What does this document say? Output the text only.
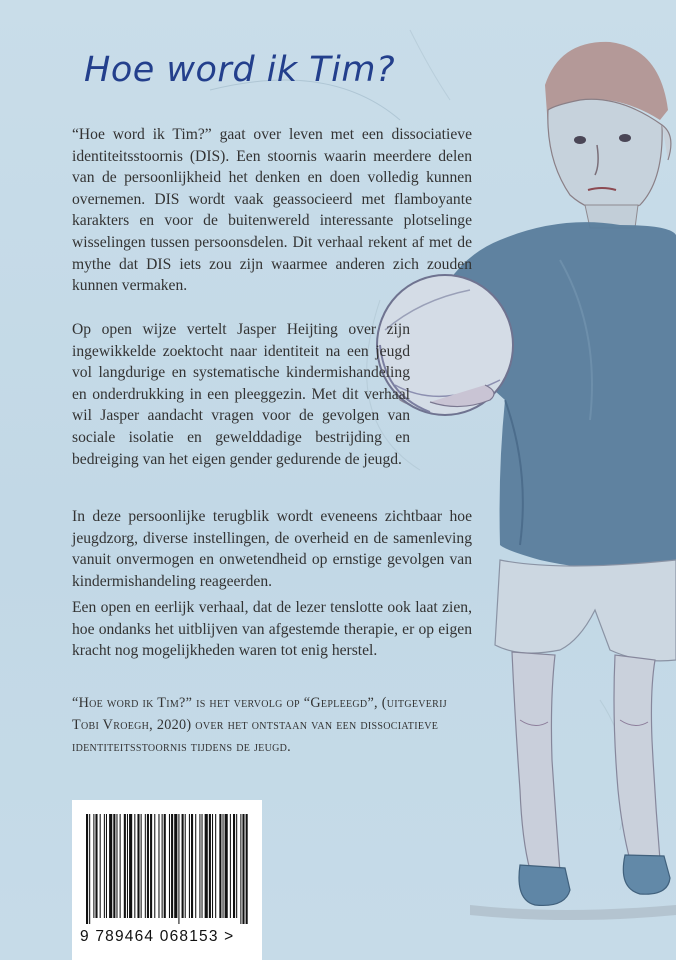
Hoe word ik Tim?

“Hoe word ik Tim?” gaat over leven met een dissociatieve identiteitsstoornis (DIS). Een stoornis waarin meerdere delen van de persoonlijkheid het denken en doen volledig kunnen overnemen. DIS wordt vaak geassocieerd met flamboyante karakters en voor de buitenwereld interessante plotselinge wisselingen tussen persoonsdelen. Dit verhaal rekent af met de mythe dat DIS iets zou zijn waarmee anderen zich zouden kunnen vermaken.

Op open wijze vertelt Jasper Heijting over zijn ingewikkelde zoektocht naar identiteit na een jeugd vol langdurige en systematische kindermishandeling en onderdrukking in een pleeggezin. Met dit verhaal wil Jasper aandacht vragen voor de gevolgen van sociale isolatie en gewelddadige bestrijding en bedreiging van het eigen gender gedurende de jeugd.

In deze persoonlijke terugblik wordt eveneens zichtbaar hoe jeugdzorg, diverse instellingen, de overheid en de samenleving vanuit onvermogen en onwetendheid op ernstige gevolgen van kindermishandeling reageerden.

Een open en eerlijk verhaal, dat de lezer tenslotte ook laat zien, hoe ondanks het uitblijven van afgestemde therapie, er op eigen kracht nog mogelijkheden waren tot enig herstel.

“Hoe word ik Tim?” is het vervolg op “Gepleegd”, (uitgeverij Tobi Vroegh, 2020) over het ontstaan van een dissociatieve identiteitsstoornis tijdens de jeugd.

9 789464 068153 >
